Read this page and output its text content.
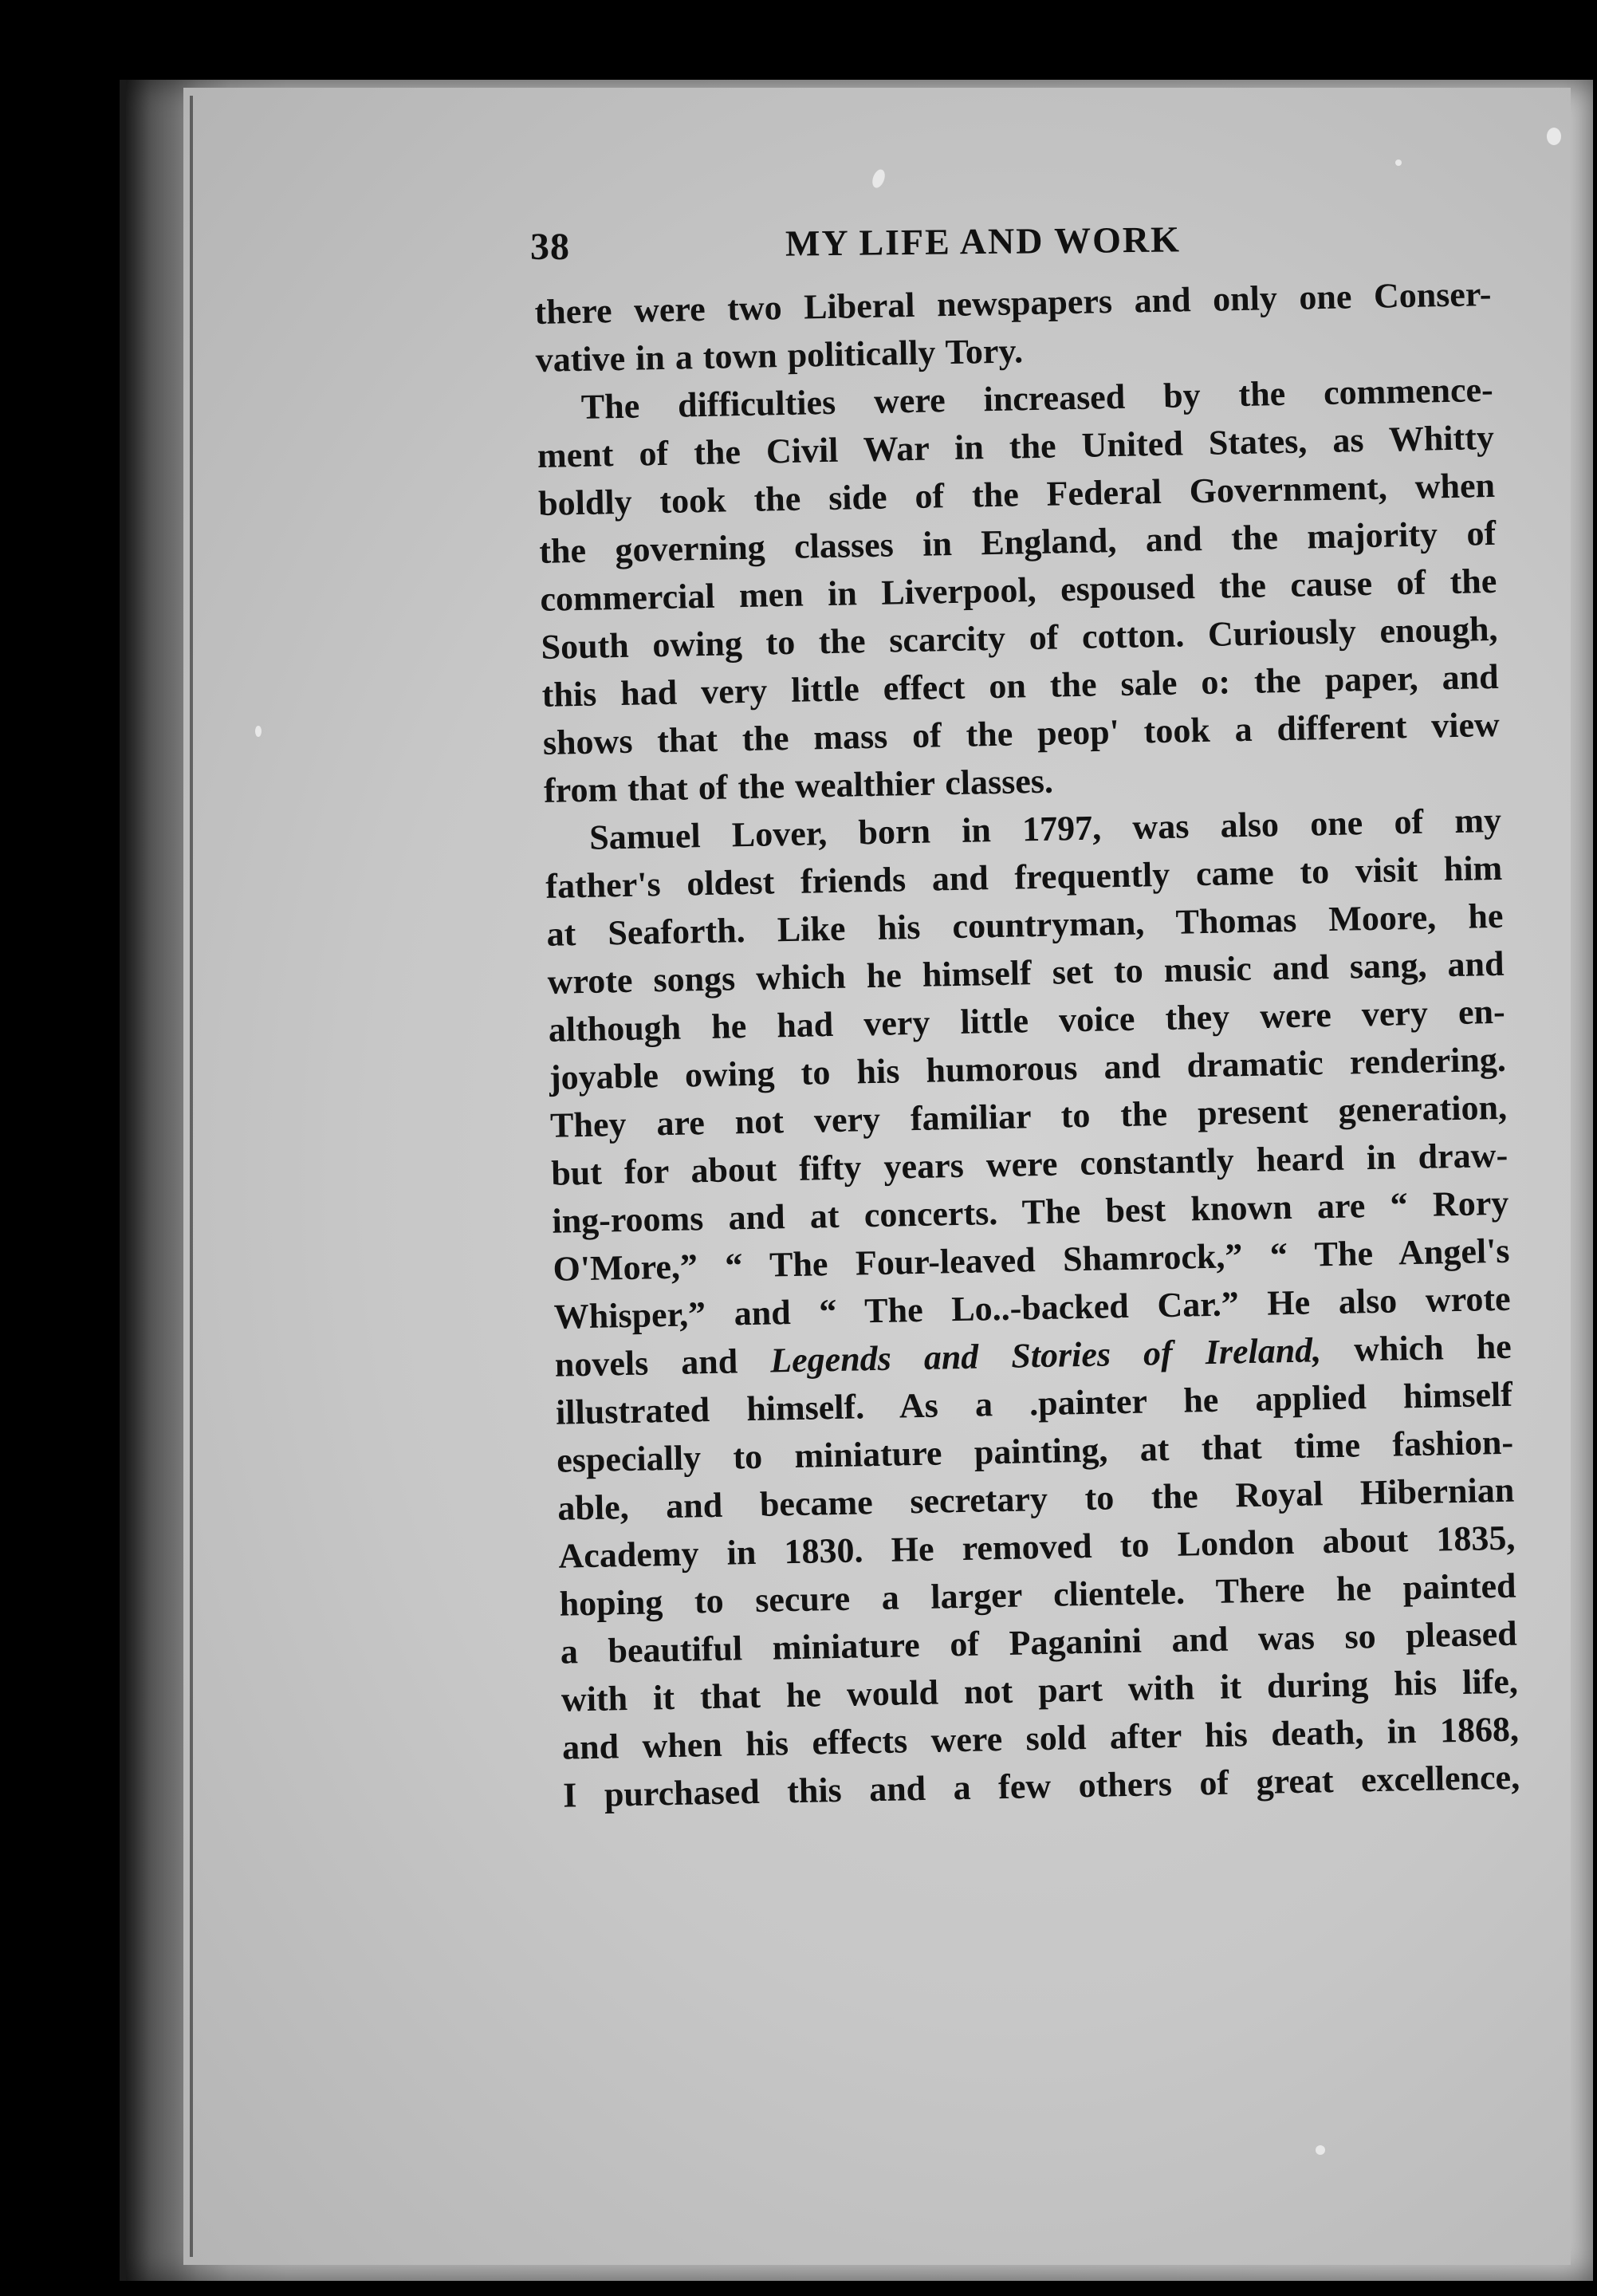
38	MY LIFE AND WORK
there were two Liberal newspapers and only one Conser-
vative in a town politically Tory.
The difficulties were increased by the commence-
ment of the Civil War in the United States, as Whitty
boldly took the side of the Federal Government, when
the governing classes in England, and the majority of
commercial men in Liverpool, espoused the cause of the
South owing to the scarcity of cotton. Curiously enough,
this had very little effect on the sale o: the paper, and
shows that the mass of the peop' took a different view
from that of the wealthier classes.
Samuel Lover, born in 1797, was also one of my
father's oldest friends and frequently came to visit him
at Seaforth. Like his countryman, Thomas Moore, he
wrote songs which he himself set to music and sang, and
although he had very little voice they were very en-
joyable owing to his humorous and dramatic rendering.
They are not very familiar to the present generation,
but for about fifty years were constantly heard in draw-
ing-rooms and at concerts. The best known are “ Rory
O'More,” “ The Four-leaved Shamrock,” “ The Angel's
Whisper,” and “ The Lo..-backed Car.” He also wrote
novels and Legends and Stories of Ireland, which he
illustrated himself. As a .painter he applied himself
especially to miniature painting, at that time fashion-
able, and became secretary to the Royal Hibernian
Academy in 1830. He removed to London about 1835,
hoping to secure a larger clientele. There he painted
a beautiful miniature of Paganini and was so pleased
with it that he would not part with it during his life,
and when his effects were sold after his death, in 1868,
I purchased this and a few others of great excellence,
